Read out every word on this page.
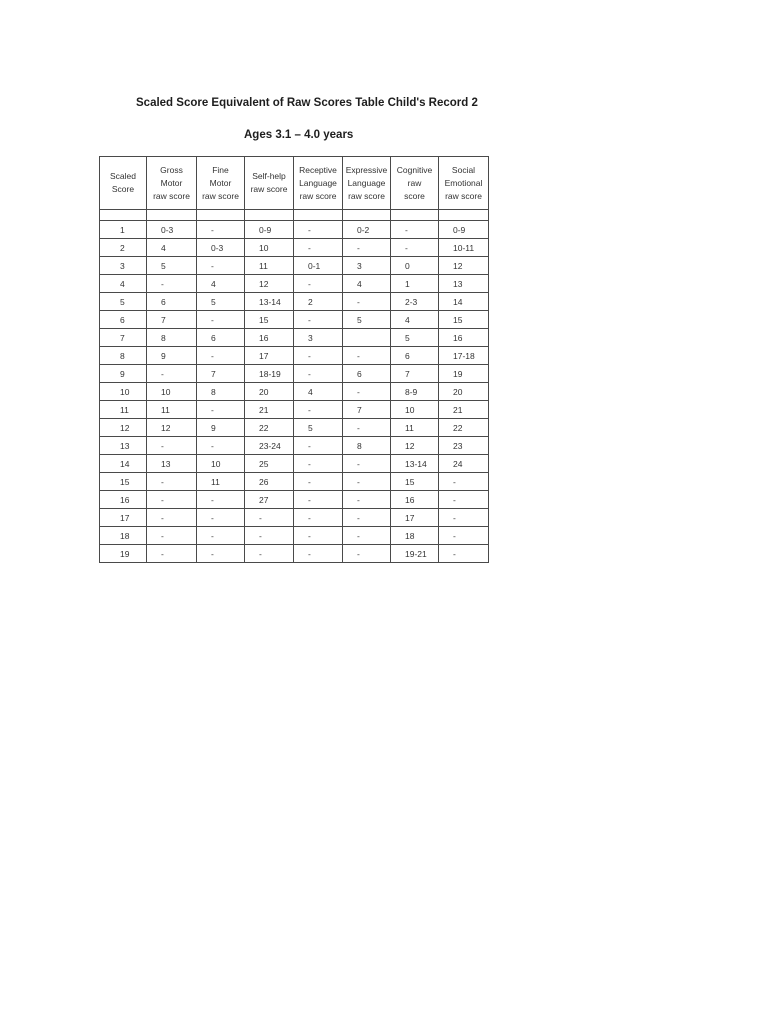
Scaled Score Equivalent of Raw Scores Table Child's Record 2
Ages 3.1 – 4.0 years
Scaled
Score	Gross
Motor
raw score	Fine
Motor
raw score	Self-help
raw score	Receptive
Language
raw score	Expressive
Language
raw score	Cognitive
raw
score	Social
Emotional
raw score

1	0-3	-	0-9	-	0-2	-	0-9
2	4	0-3	10	-	-	-	10-11
3	5	-	11	0-1	3	0	12
4	-	4	12	-	4	1	13
5	6	5	13-14	2	-	2-3	14
6	7	-	15	-	5	4	15
7	8	6	16	3		5	16
8	9	-	17	-	-	6	17-18
9	-	7	18-19	-	6	7	19
10	10	8	20	4	-	8-9	20
11	11	-	21	-	7	10	21
12	12	9	22	5	-	11	22
13	-	-	23-24	-	8	12	23
14	13	10	25	-	-	13-14	24
15	-	11	26	-	-	15	-
16	-	-	27	-	-	16	-
17	-	-	-	-	-	17	-
18	-	-	-	-	-	18	-
19	-	-	-	-	-	19-21	-
